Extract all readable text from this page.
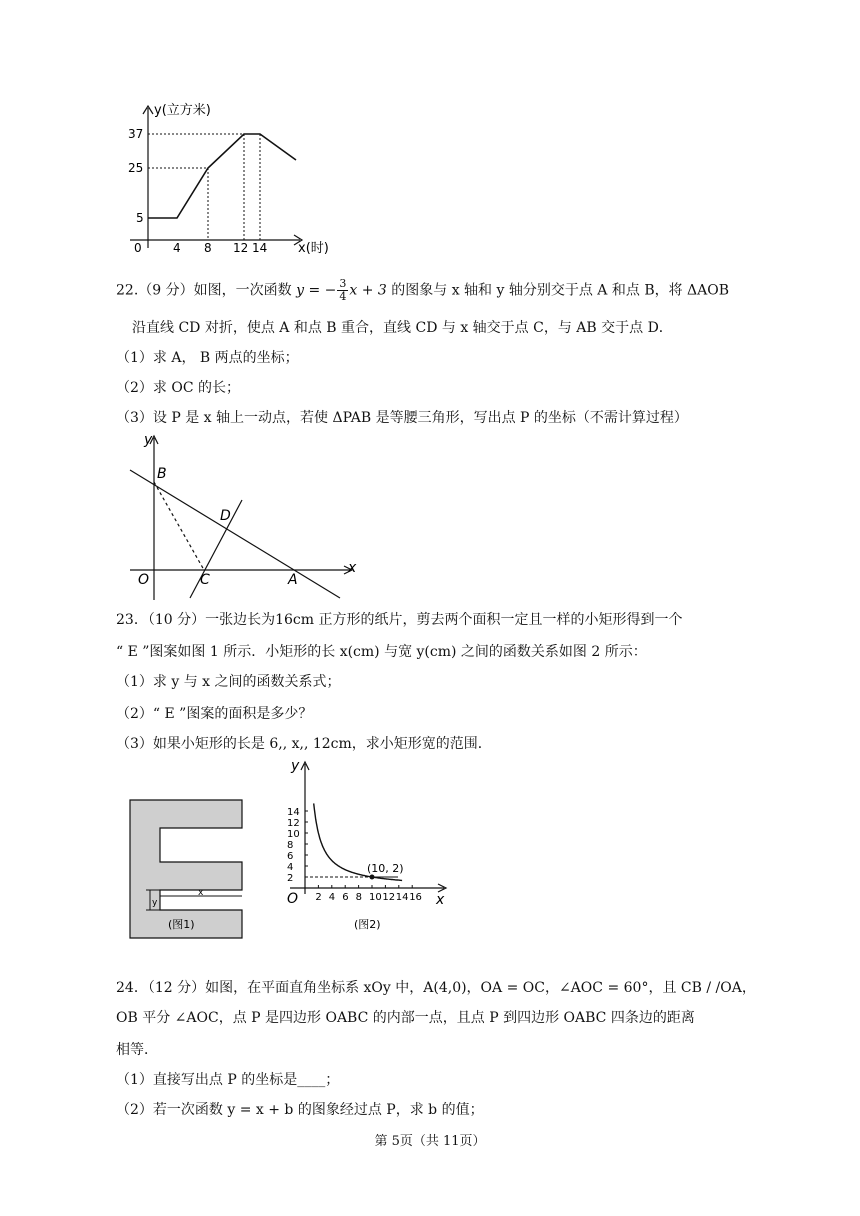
y(立方米)
x(时)
0	4 8 12 14
5
25
37
22.（9 分）如图，一次函数 y = − $\frac{3}{4}$ x + 3 的图象与 x 轴和 y 轴分别交于点 A 和点 B，将 ΔAOB
沿直线 CD 对折，使点 A 和点 B 重合，直线 CD 与 x 轴交于点 C，与 AB 交于点 D．
（1）求 A， B 两点的坐标；
（2）求 OC 的长；
（3）设 P 是 x 轴上一动点，若使 ΔPAB 是等腰三角形，写出点 P 的坐标（不需计算过程）
y
x
O
B
C
D
A
23．（10 分）一张边长为16cm 正方形的纸片，剪去两个面积一定且一样的小矩形得到一个
“ E ”图案如图 1 所示．小矩形的长 x(cm) 与宽 y(cm) 之间的函数关系如图 2 所示：
（1）求 y 与 x 之间的函数关系式；
（2）“ E ”图案的面积是多少？
（3）如果小矩形的长是 6,, x,, 12cm，求小矩形宽的范围．
y
x
(图1)
(10, 2)
y
x
O 2 4 6 8 10 12 14 16
2
4
6
8
10
12
14
(图2)
24．（12 分）如图，在平面直角坐标系 xOy 中，A(4,0)，OA = OC，∠AOC = 60°，且 CB / /OA，
OB 平分 ∠AOC，点 P 是四边形 OABC 的内部一点，且点 P 到四边形 OABC 四条边的距离
相等．
（1）直接写出点 P 的坐标是____；
（2）若一次函数 y = x + b 的图象经过点 P，求 b 的值；
第 5页（共 11页）
